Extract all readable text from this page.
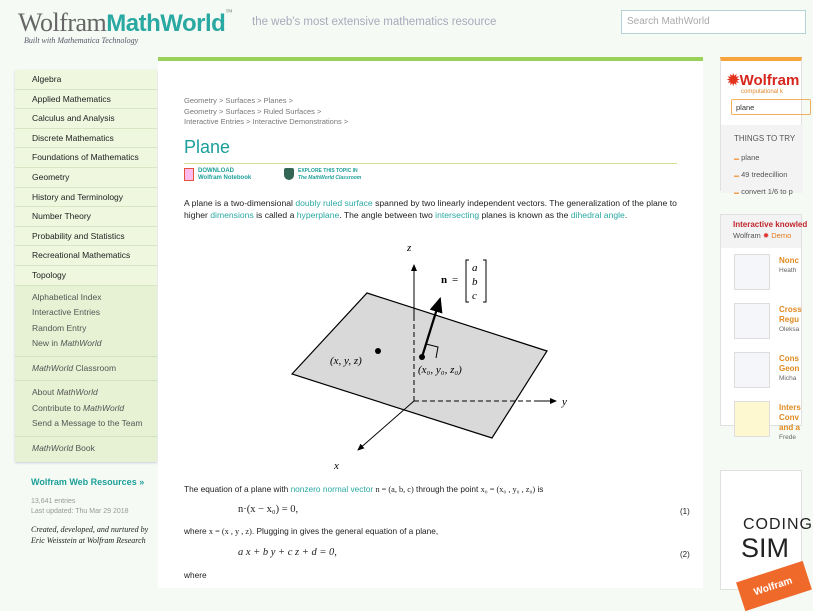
WolframMathWorld™
Built with Mathematica Technology
the web's most extensive mathematics resource	Search MathWorld
Algebra
Applied Mathematics
Calculus and Analysis
Discrete Mathematics
Foundations of Mathematics
Geometry
History and Terminology
Number Theory
Probability and Statistics
Recreational Mathematics
Topology
Alphabetical Index
Interactive Entries
Random Entry
New in MathWorld
MathWorld Classroom
About MathWorld
Contribute to MathWorld
Send a Message to the Team
MathWorld Book
Wolfram Web Resources »
13,641 entries
Last updated: Thu Mar 29 2018
Created, developed, and nurtured by Eric Weisstein at Wolfram Research
Geometry > Surfaces > Planes >
Geometry > Surfaces > Ruled Surfaces >
Interactive Entries > Interactive Demonstrations >
Plane
DOWNLOAD
Wolfram Notebook
EXPLORE THIS TOPIC IN
The MathWorld Classroom
A plane is a two-dimensional doubly ruled surface spanned by two linearly independent vectors. The generalization of the plane to higher dimensions is called a hyperplane. The angle between two intersecting planes is known as the dihedral angle.
z
y
x
(x, y, z)
(x₀, y₀, z₀)
n =
a
b
c
The equation of a plane with nonzero normal vector n = (a, b, c) through the point x₀ = (x₀ , y₀ , z₀) is
n·(x − x₀) = 0,	(1)
where x = (x , y , z). Plugging in gives the general equation of a plane,
a x + b y + c z + d = 0,	(2)
where
✹Wolfram
computational k
plane
THINGS TO TRY
▬ plane
▬ 49 tredecillion
▬ convert 1/6 to p
Interactive knowled
Wolfram ✹ Demo
Nonc
Heath
Cross
Regu
Oleksa
Cons
Geon
Micha
Inters
Conv
and a
Frede
CODING
SIM
Wolfram
